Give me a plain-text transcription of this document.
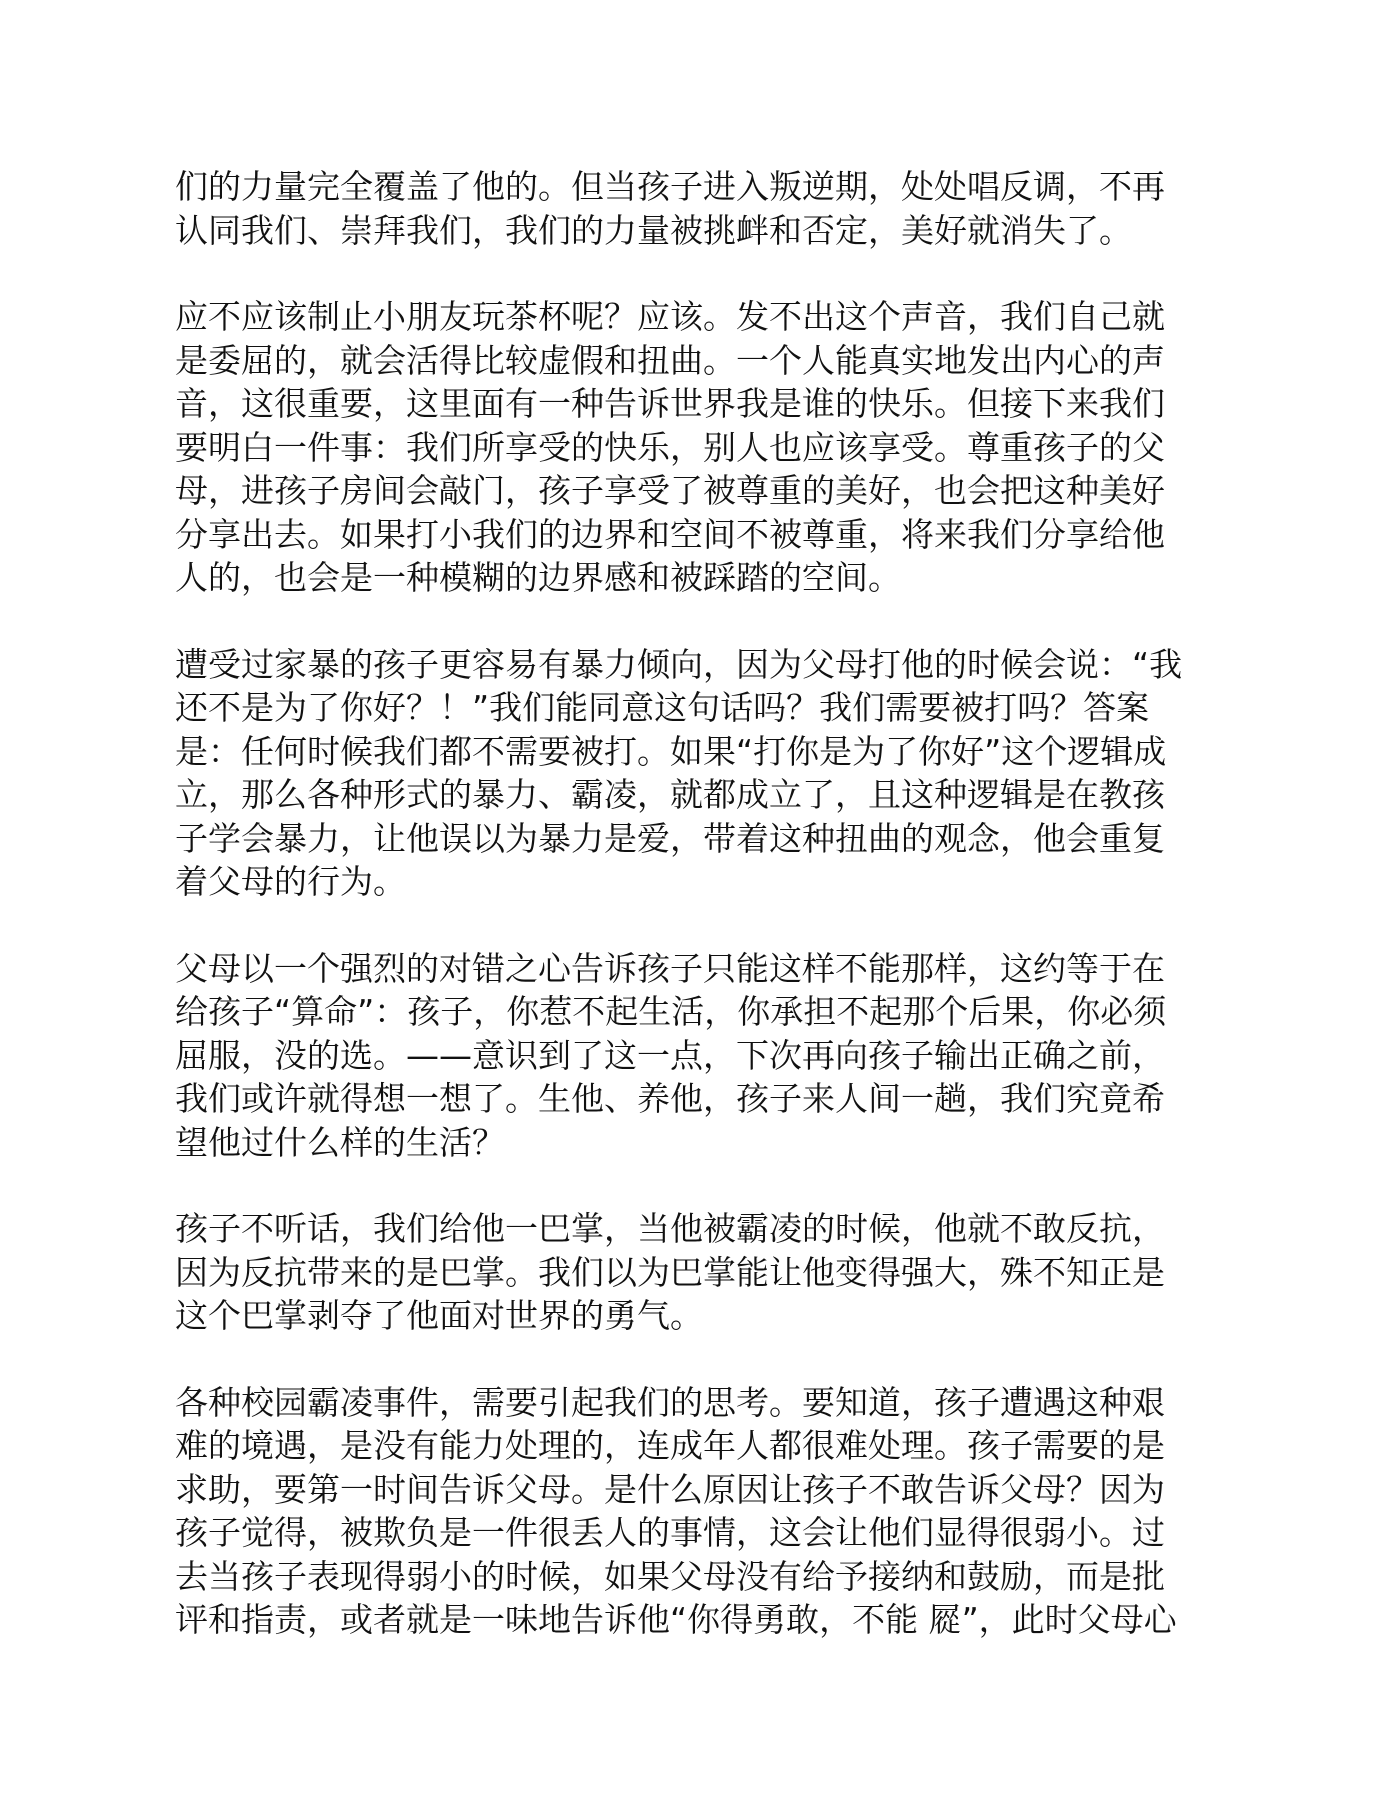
们的力量完全覆盖了他的。但当孩子进入叛逆期，处处唱反调，不再
认同我们、崇拜我们，我们的力量被挑衅和否定，美好就消失了。

应不应该制止小朋友玩茶杯呢？应该。发不出这个声音，我们自己就
是委屈的，就会活得比较虚假和扭曲。一个人能真实地发出内心的声
音，这很重要，这里面有一种告诉世界我是谁的快乐。但接下来我们
要明白一件事：我们所享受的快乐，别人也应该享受。尊重孩子的父
母，进孩子房间会敲门，孩子享受了被尊重的美好，也会把这种美好
分享出去。如果打小我们的边界和空间不被尊重，将来我们分享给他
人的，也会是一种模糊的边界感和被踩踏的空间。

遭受过家暴的孩子更容易有暴力倾向，因为父母打他的时候会说：“我
还不是为了你好？！”我们能同意这句话吗？我们需要被打吗？答案
是：任何时候我们都不需要被打。如果“打你是为了你好”这个逻辑成
立，那么各种形式的暴力、霸凌，就都成立了，且这种逻辑是在教孩
子学会暴力，让他误以为暴力是爱，带着这种扭曲的观念，他会重复
着父母的行为。

父母以一个强烈的对错之心告诉孩子只能这样不能那样，这约等于在
给孩子“算命”：孩子，你惹不起生活，你承担不起那个后果，你必须
屈服，没的选。——意识到了这一点，下次再向孩子输出正确之前，
我们或许就得想一想了。生他、养他，孩子来人间一趟，我们究竟希
望他过什么样的生活？

孩子不听话，我们给他一巴掌，当他被霸凌的时候，他就不敢反抗，
因为反抗带来的是巴掌。我们以为巴掌能让他变得强大，殊不知正是
这个巴掌剥夺了他面对世界的勇气。

各种校园霸凌事件，需要引起我们的思考。要知道，孩子遭遇这种艰
难的境遇，是没有能力处理的，连成年人都很难处理。孩子需要的是
求助，要第一时间告诉父母。是什么原因让孩子不敢告诉父母？因为
孩子觉得，被欺负是一件很丢人的事情，这会让他们显得很弱小。过
去当孩子表现得弱小的时候，如果父母没有给予接纳和鼓励，而是批
评和指责，或者就是一味地告诉他“你得勇敢，不能 㞞”，此时父母心
